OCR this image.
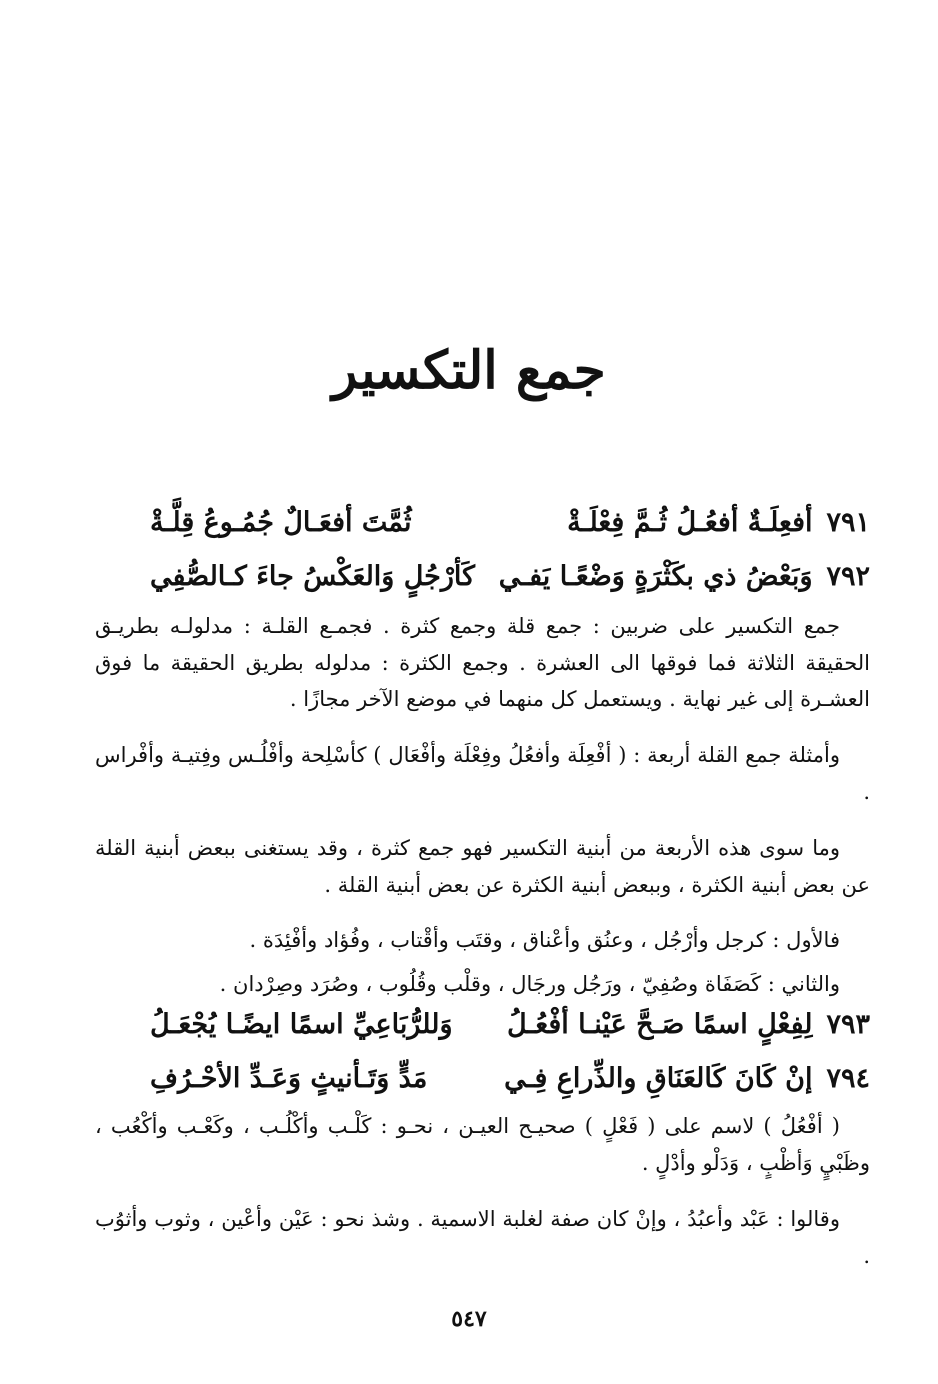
جمع التكسير
٧٩١
أفعِلَـةٌ أفعُـلُ ثُـمَّ فِعْلَـةْ
ثُمَّتَ أفعَـالٌ جُمُـوعُ قِلَّـةْ
٧٩٢
وَبَعْضُ ذي بكَثْرَةٍ وَضْعًـا يَفـي
كَأرْجُلٍ وَالعَكْسُ جاءَ كـالصُّفِي

جمع التكسير على ضربين : جمع قلة وجمع كثرة . فجمـع القلـة : مدلولـه بطريـق الحقيقة الثلاثة فما فوقها الى العشرة . وجمع الكثرة : مدلوله بطريق الحقيقة ما فوق العشـرة إلى غير نهاية . ويستعمل كل منهما في موضع الآخر مجازًا .

وأمثلة جمع القلة أربعة : ( أفْعِلَة وأفعُلُ وفِعْلَة وأفْعَال ) كأسْلِحة وأفْلُـس وفِتيـة وأفْراس .

وما سوى هذه الأربعة من أبنية التكسير فهو جمع كثرة ، وقد يستغنى ببعض أبنية القلة عن بعض أبنية الكثرة ، وببعض أبنية الكثرة عن بعض أبنية القلة .

فالأول : كرجل وأرْجُل ، وعنُق وأعْناق ، وقتَب وأقْتاب ، وفُؤاد وأفْئِدَة .

والثاني : كَصَفَاة وصُفِيّ ، ورَجُل ورجَال ، وقلْب وقُلُوب ، وصُرَد وصِرْدان .

٧٩٣
لِفِعْلٍ اسمًا صَـحَّ عَيْنـا أفْعُـلُ
وَللرُّبَاعِيِّ اسمًا ايضًـا يُجْعَـلُ
٧٩٤
إنْ كَانَ كَالعَنَاقِ والذِّراعِ فِـي
مَدٍّ وَتَـأنيثٍ وَعَـدِّ الأحْـرُفِ

( أفْعُلُ ) لاسم على ( فَعْلٍ ) صحيـح العيـن ، نحـو : كَلْـب وأكْلُـب ، وكَعْـب وأكْعُب ، وظَبْيٍ وَأظْبٍ ، وَدَلْو وأدْلٍ .

وقالوا : عَبْد وأعبُدُ ، وإنْ كان صفة لغلبة الاسمية . وشذ نحو : عَيْن وأعْين ، وثوب وأثوُب .

٥٤٧
